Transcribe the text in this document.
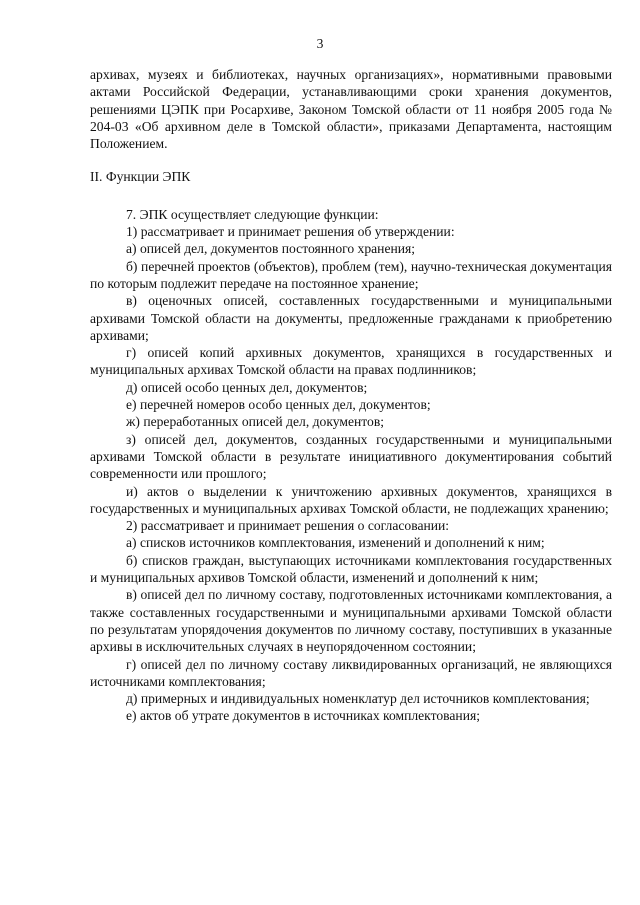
3

архивах, музеях и библиотеках, научных организациях», нормативными правовыми актами Российской Федерации, устанавливающими сроки хранения документов, решениями ЦЭПК при Росархиве, Законом Томской области от 11 ноября 2005 года № 204-03 «Об архивном деле в Томской области», приказами Департамента, настоящим Положением.

II. Функции ЭПК

7. ЭПК осуществляет следующие функции:

1) рассматривает и принимает решения об утверждении:

а) описей дел, документов постоянного хранения;

б) перечней проектов (объектов), проблем (тем), научно-техническая документация по которым подлежит передаче на постоянное хранение;

в) оценочных описей, составленных государственными и муниципальными архивами Томской области на документы, предложенные гражданами к приобретению архивами;

г) описей копий архивных документов, хранящихся в государственных и муниципальных архивах Томской области на правах подлинников;

д) описей особо ценных дел, документов;

е) перечней номеров особо ценных дел, документов;

ж) переработанных описей дел, документов;

з) описей дел, документов, созданных государственными и муниципальными архивами Томской области в результате инициативного документирования событий современности или прошлого;

и) актов о выделении к уничтожению архивных документов, хранящихся в государственных и муниципальных архивах Томской области, не подлежащих хранению;

2) рассматривает и принимает решения о согласовании:

а) списков источников комплектования, изменений и дополнений к ним;

б) списков граждан, выступающих источниками комплектования государственных и муниципальных архивов Томской области, изменений и дополнений к ним;

в) описей дел по личному составу, подготовленных источниками комплектования, а также составленных государственными и муниципальными архивами Томской области по результатам упорядочения документов по личному составу, поступивших в указанные архивы в исключительных случаях в неупорядоченном состоянии;

г) описей дел по личному составу ликвидированных организаций, не являющихся источниками комплектования;

д) примерных и индивидуальных номенклатур дел источников комплектования;

е) актов об утрате документов в источниках комплектования;
